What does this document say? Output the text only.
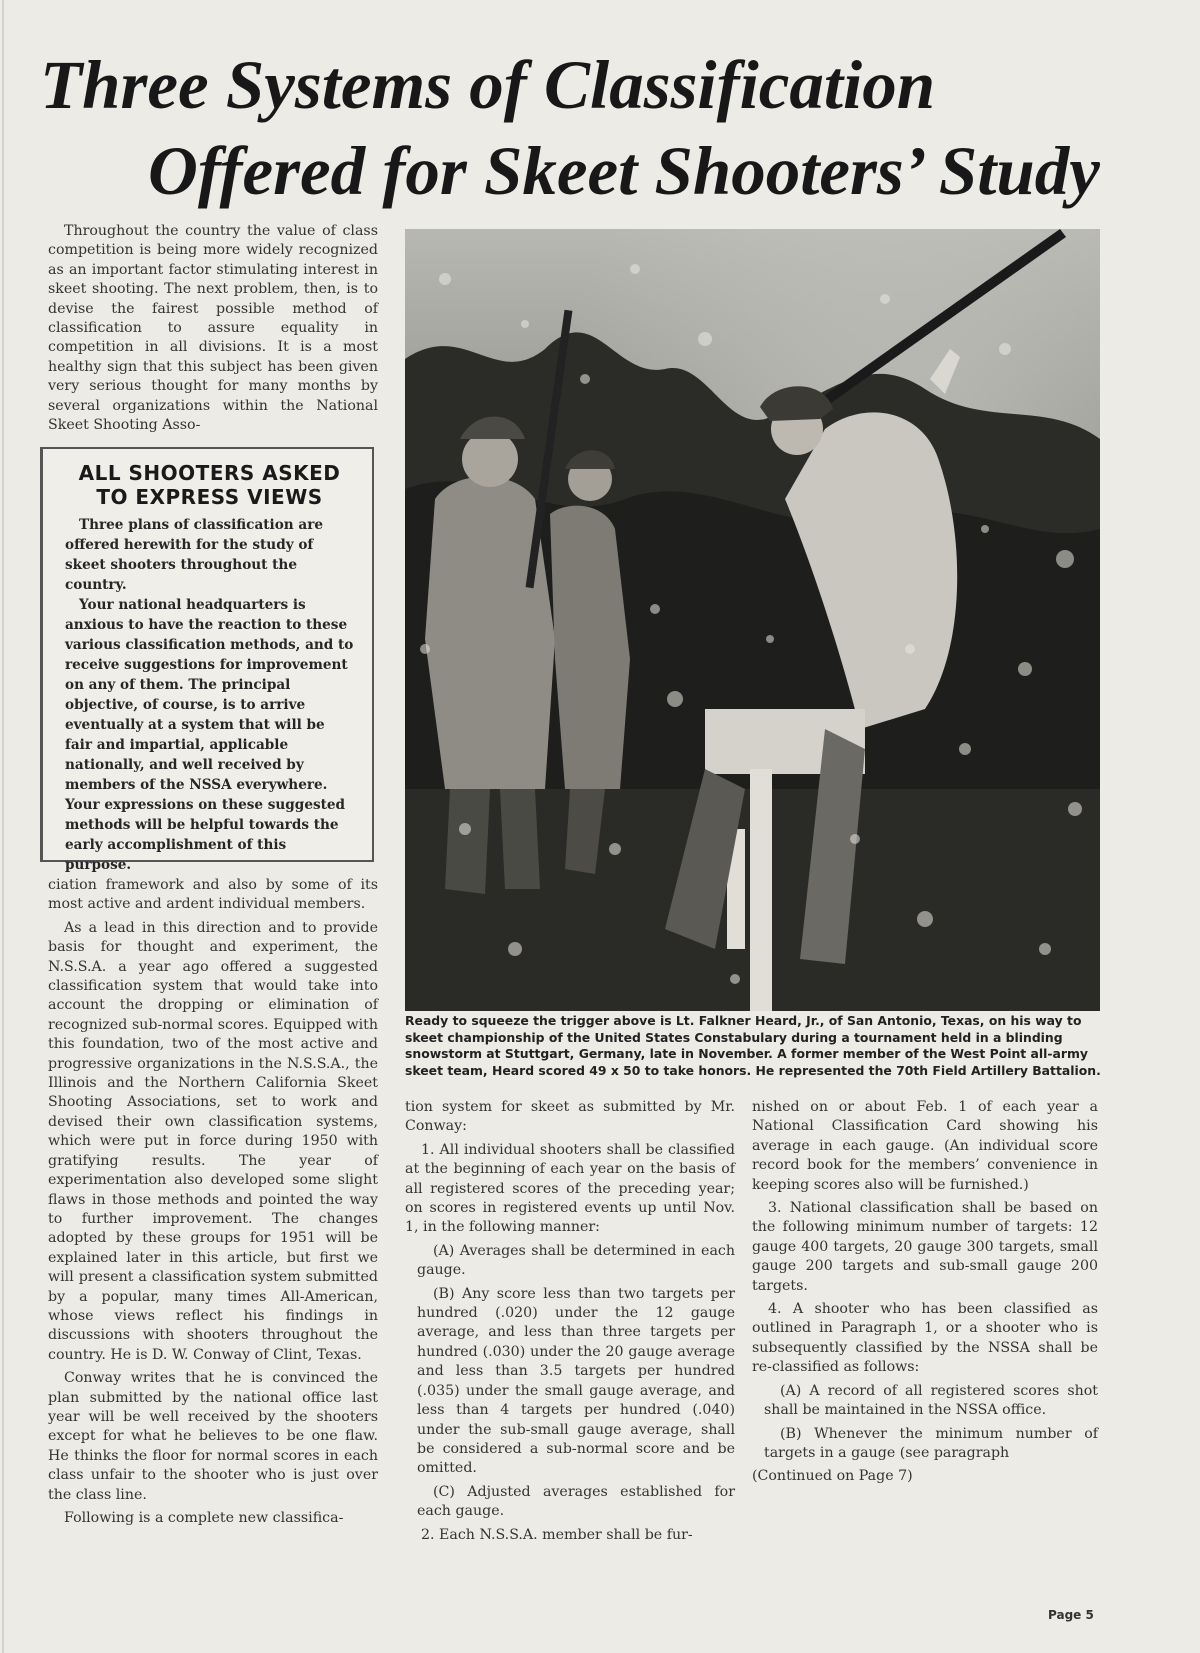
Three Systems of Classification
Offered for Skeet Shooters’ Study

Throughout the country the value of class competition is being more widely recognized as an important factor stimulating interest in skeet shooting. The next problem, then, is to devise the fairest possible method of classification to assure equality in competition in all divisions. It is a most healthy sign that this subject has been given very serious thought for many months by several organizations within the National Skeet Shooting Asso-

ALL SHOOTERS ASKED TO EXPRESS VIEWS

Three plans of classification are offered herewith for the study of skeet shooters throughout the country.

Your national headquarters is anxious to have the reaction to these various classification methods, and to receive suggestions for improvement on any of them. The principal objective, of course, is to arrive eventually at a system that will be fair and impartial, applicable nationally, and well received by members of the NSSA everywhere. Your expressions on these suggested methods will be helpful towards the early accomplishment of this purpose.

ciation framework and also by some of its most active and ardent individual members.

As a lead in this direction and to provide basis for thought and experiment, the N.S.S.A. a year ago offered a suggested classification system that would take into account the dropping or elimination of recognized sub-normal scores. Equipped with this foundation, two of the most active and progressive organizations in the N.S.S.A., the Illinois and the Northern California Skeet Shooting Associations, set to work and devised their own classification systems, which were put in force during 1950 with gratifying results. The year of experimentation also developed some slight flaws in those methods and pointed the way to further improvement. The changes adopted by these groups for 1951 will be explained later in this article, but first we will present a classification system submitted by a popular, many times All-American, whose views reflect his findings in discussions with shooters throughout the country. He is D. W. Conway of Clint, Texas.

Conway writes that he is convinced the plan submitted by the national office last year will be well received by the shooters except for what he believes to be one flaw. He thinks the floor for normal scores in each class unfair to the shooter who is just over the class line.

Following is a complete new classifica-

Ready to squeeze the trigger above is Lt. Falkner Heard, Jr., of San Antonio, Texas, on his way to skeet championship of the United States Constabulary during a tournament held in a blinding snowstorm at Stuttgart, Germany, late in November. A former member of the West Point all-army skeet team, Heard scored 49 x 50 to take honors. He represented the 70th Field Artillery Battalion.

tion system for skeet as submitted by Mr. Conway:

1. All individual shooters shall be classified at the beginning of each year on the basis of all registered scores of the preceding year; on scores in registered events up until Nov. 1, in the following manner:

(A) Averages shall be determined in each gauge.

(B) Any score less than two targets per hundred (.020) under the 12 gauge average, and less than three targets per hundred (.030) under the 20 gauge average and less than 3.5 targets per hundred (.035) under the small gauge average, and less than 4 targets per hundred (.040) under the sub-small gauge average, shall be considered a sub-normal score and be omitted.

(C) Adjusted averages established for each gauge.

2. Each N.S.S.A. member shall be fur-

nished on or about Feb. 1 of each year a National Classification Card showing his average in each gauge. (An individual score record book for the members’ convenience in keeping scores also will be furnished.)

3. National classification shall be based on the following minimum number of targets: 12 gauge 400 targets, 20 gauge 300 targets, small gauge 200 targets and sub-small gauge 200 targets.

4. A shooter who has been classified as outlined in Paragraph 1, or a shooter who is subsequently classified by the NSSA shall be re-classified as follows:

(A) A record of all registered scores shot shall be maintained in the NSSA office.

(B) Whenever the minimum number of targets in a gauge (see paragraph

(Continued on Page 7)

Page 5
